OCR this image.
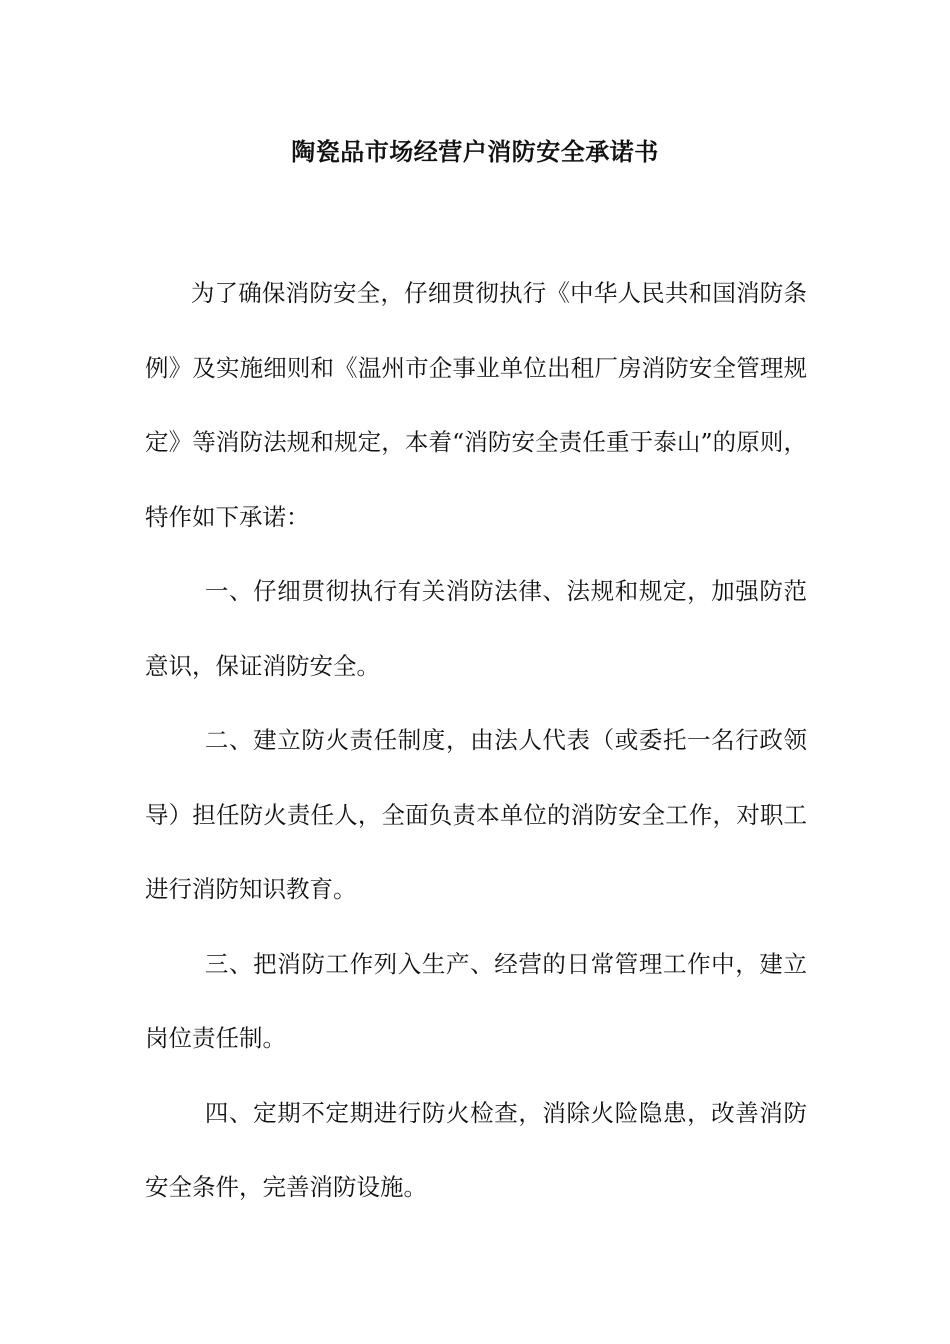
陶瓷品市场经营户消防安全承诺书

为了确保消防安全，仔细贯彻执行《中华人民共和国消防条例》及实施细则和《温州市企事业单位出租厂房消防安全管理规定》等消防法规和规定，本着“消防安全责任重于泰山”的原则，特作如下承诺：

一、仔细贯彻执行有关消防法律、法规和规定，加强防范意识，保证消防安全。

二、建立防火责任制度，由法人代表（或委托一名行政领导）担任防火责任人，全面负责本单位的消防安全工作，对职工进行消防知识教育。

三、把消防工作列入生产、经营的日常管理工作中，建立岗位责任制。

四、定期不定期进行防火检查，消除火险隐患，改善消防安全条件，完善消防设施。
